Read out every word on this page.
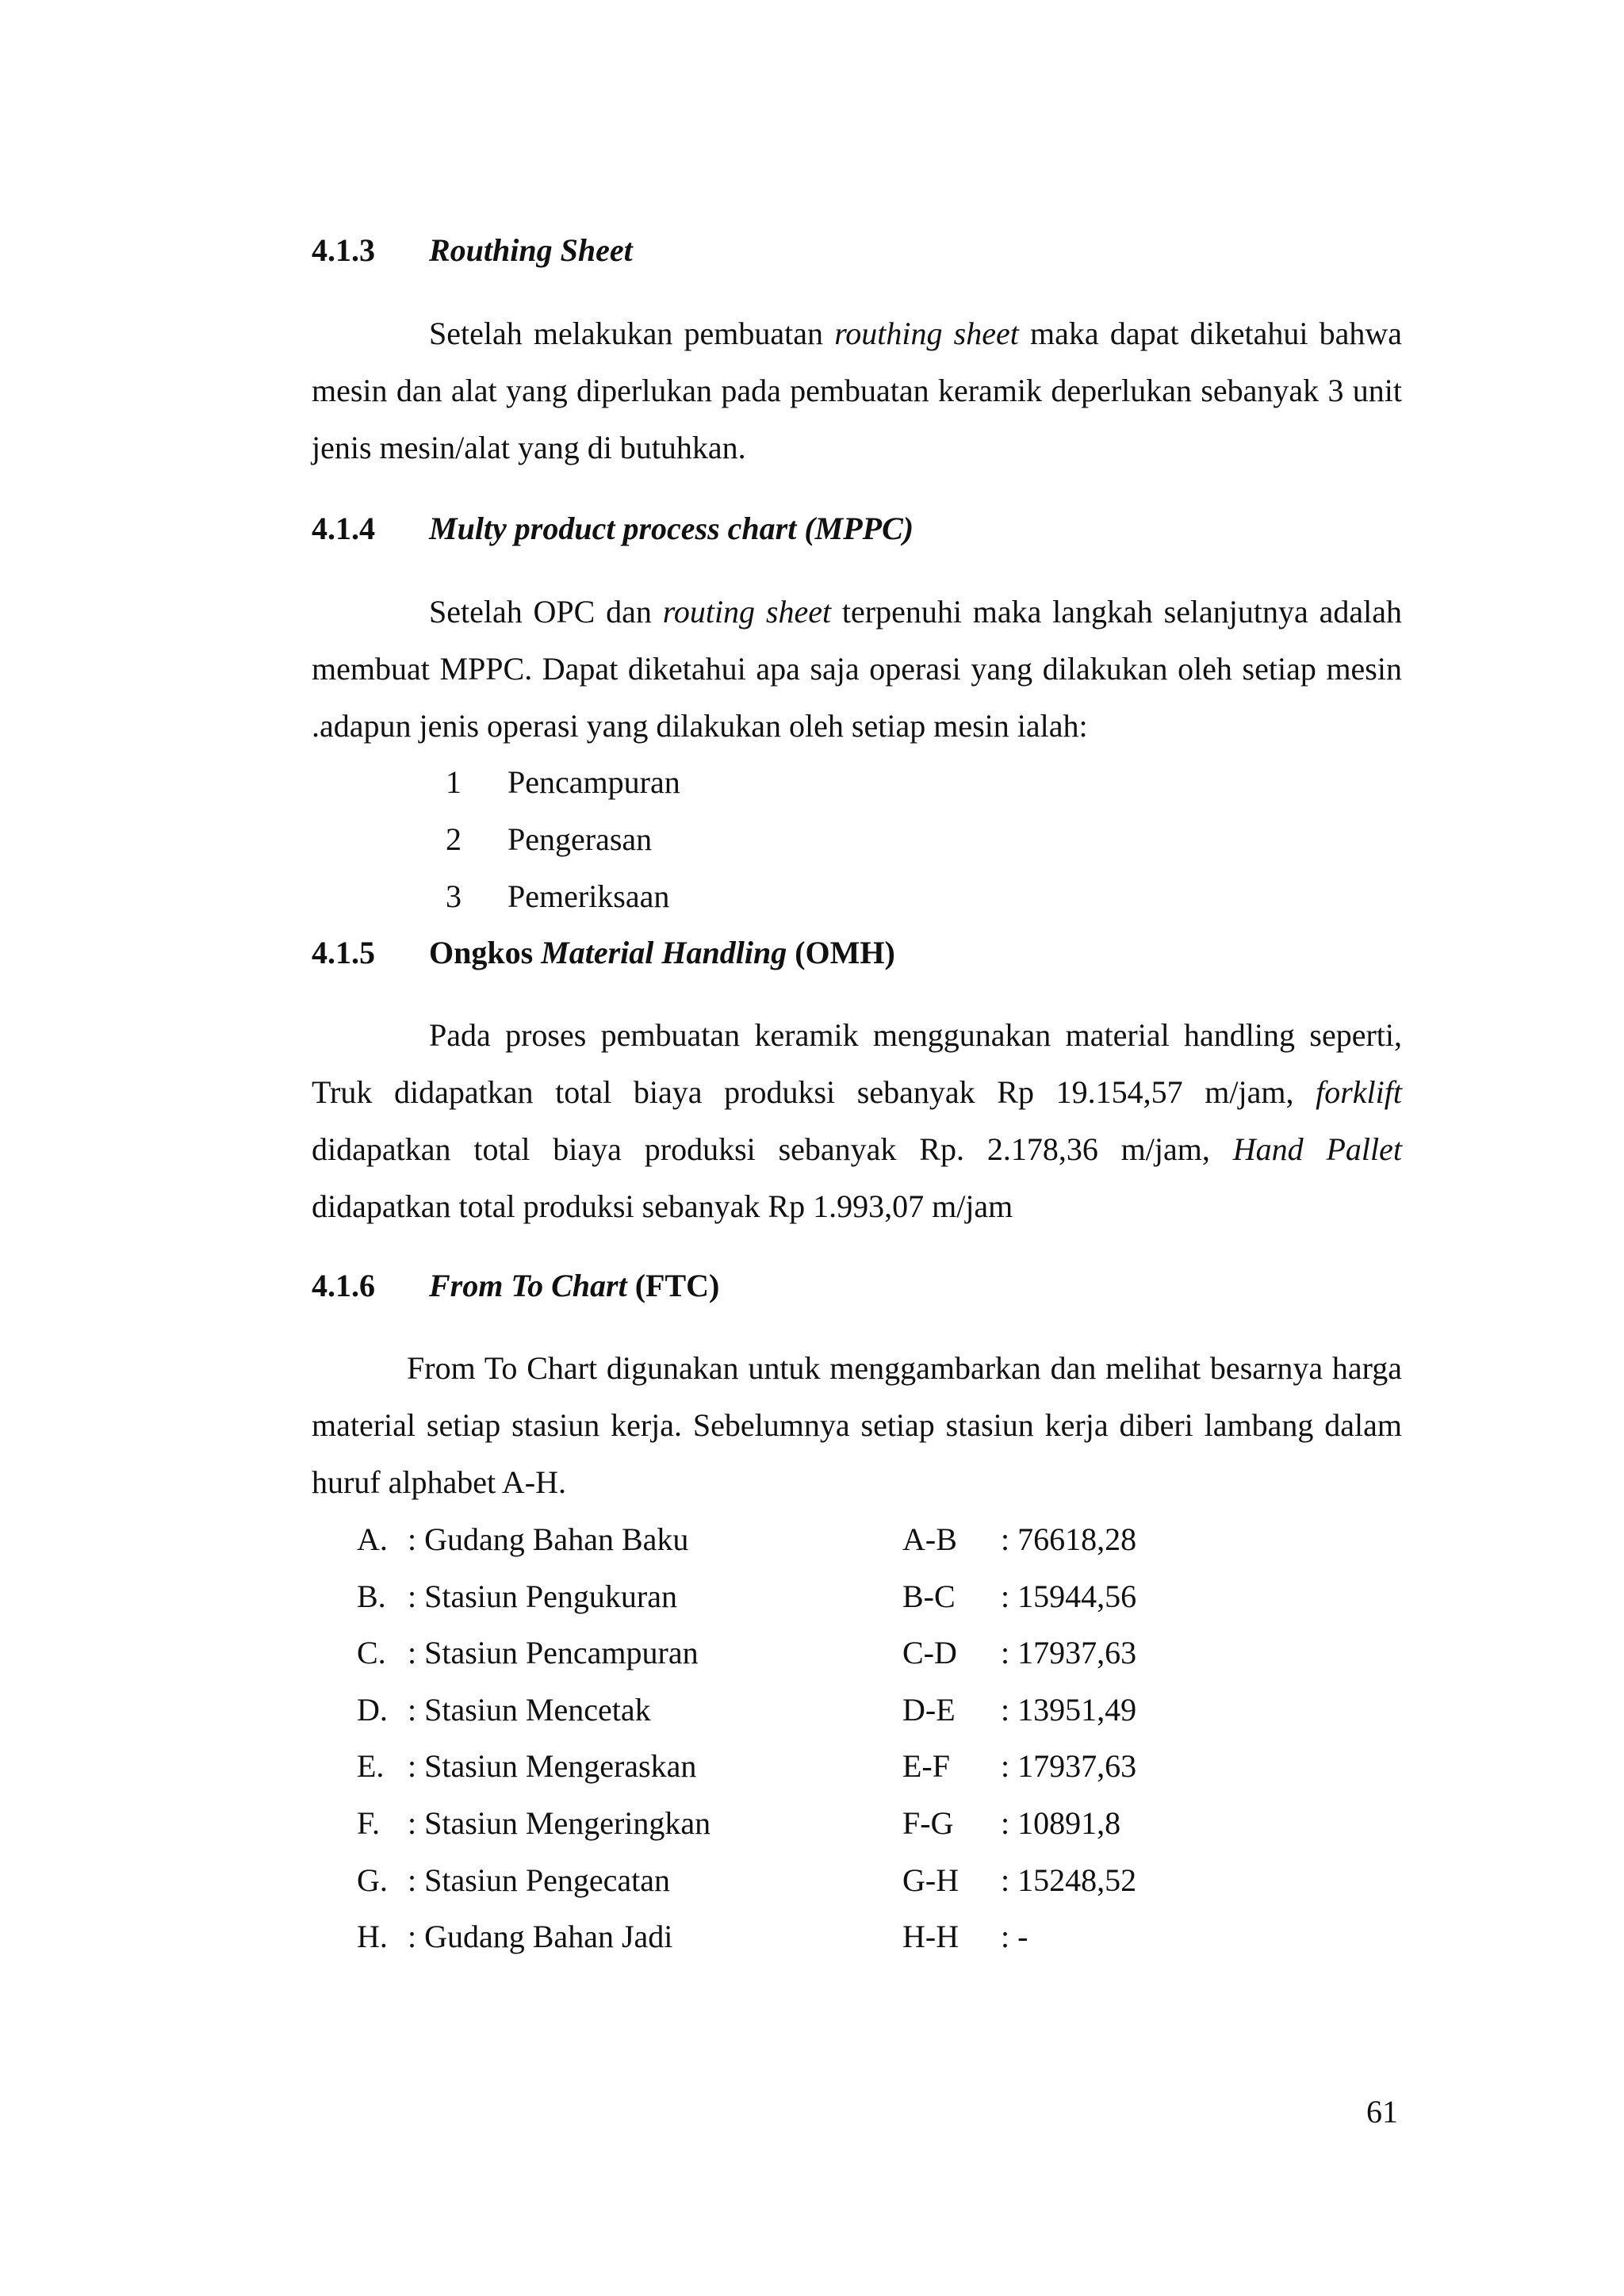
4.1.3 Routhing Sheet
Setelah melakukan pembuatan routhing sheet maka dapat diketahui bahwa mesin dan alat yang diperlukan pada pembuatan keramik deperlukan sebanyak 3 unit jenis mesin/alat yang di butuhkan.
4.1.4 Multy product process chart (MPPC)
Setelah OPC dan routing sheet terpenuhi maka langkah selanjutnya adalah membuat MPPC. Dapat diketahui apa saja operasi yang dilakukan oleh setiap mesin .adapun jenis operasi yang dilakukan oleh setiap mesin ialah:
1 Pencampuran
2 Pengerasan
3 Pemeriksaan
4.1.5 Ongkos Material Handling (OMH)
Pada proses pembuatan keramik menggunakan material handling seperti, Truk didapatkan total biaya produksi sebanyak Rp 19.154,57 m/jam, forklift didapatkan total biaya produksi sebanyak Rp. 2.178,36 m/jam, Hand Pallet didapatkan total produksi sebanyak Rp 1.993,07 m/jam
4.1.6 From To Chart (FTC)
From To Chart digunakan untuk menggambarkan dan melihat besarnya harga material setiap stasiun kerja. Sebelumnya setiap stasiun kerja diberi lambang dalam huruf alphabet A-H.
A. : Gudang Bahan Baku	A-B : 76618,28
B. : Stasiun Pengukuran	B-C : 15944,56
C. : Stasiun Pencampuran	C-D : 17937,63
D. : Stasiun Mencetak	D-E : 13951,49
E. : Stasiun Mengeraskan	E-F : 17937,63
F. : Stasiun Mengeringkan	F-G : 10891,8
G. : Stasiun Pengecatan	G-H : 15248,52
H. : Gudang Bahan Jadi	H-H : -
61
